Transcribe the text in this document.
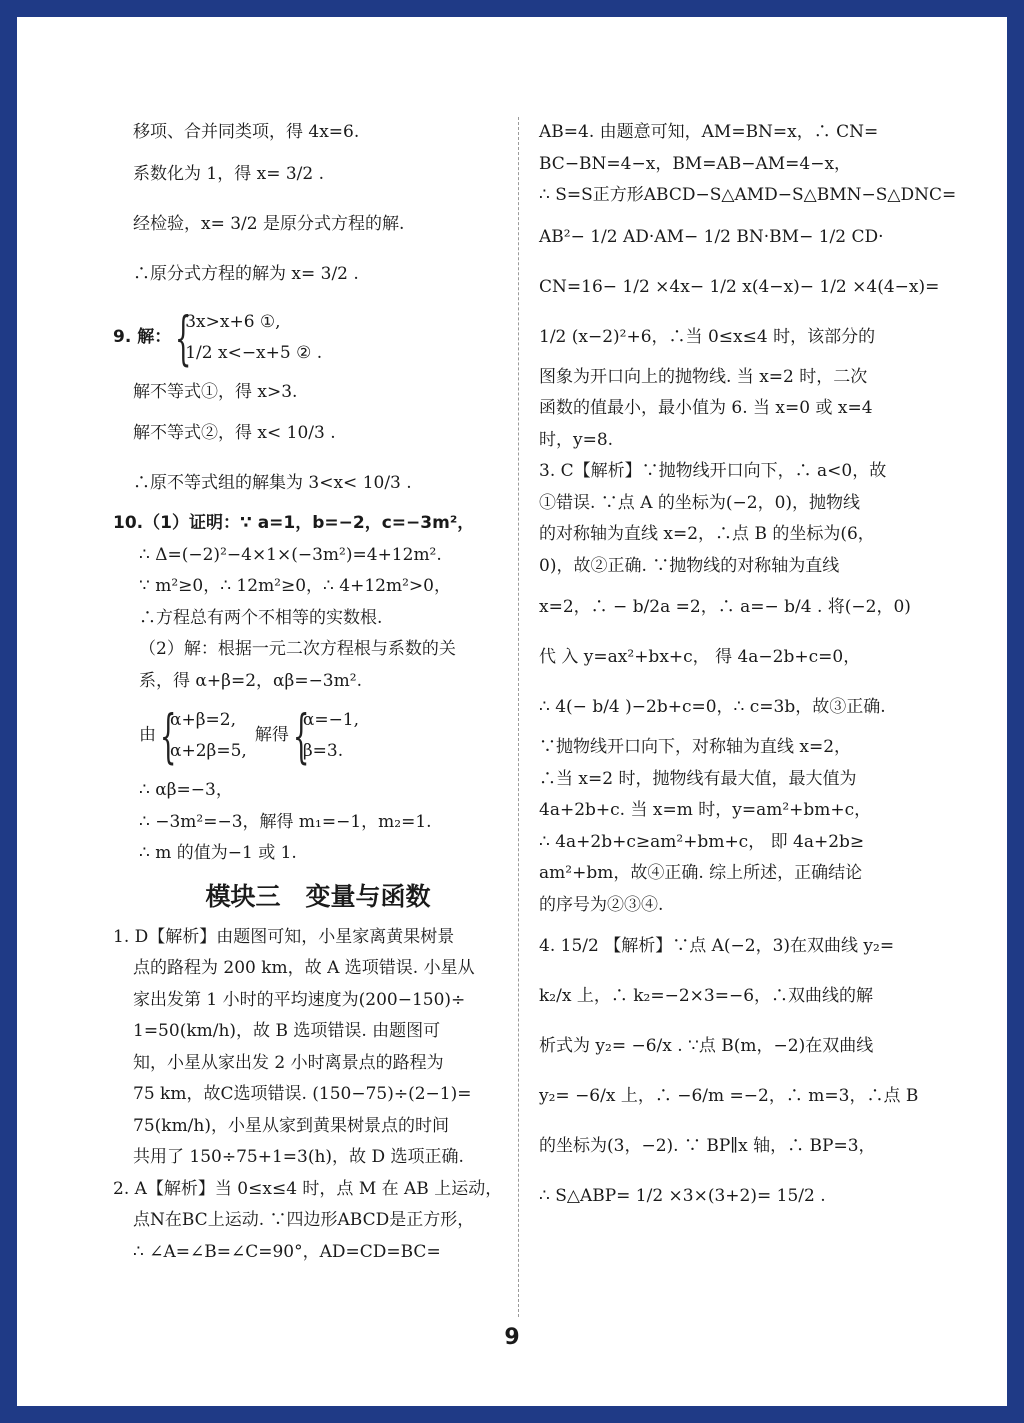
移项、合并同类项，得 4x=6.
系数化为 1，得 x= 3/2 .
经检验，x= 3/2 是原分式方程的解.
∴原分式方程的解为 x= 3/2 .
9. 解： {
3x>x+6 ①,
1/2 x<−x+5 ② .
解不等式①，得 x>3.
解不等式②，得 x< 10/3 .
∴原不等式组的解集为 3<x< 10/3 .
10.（1）证明：∵ a=1，b=−2，c=−3m²，
∴ Δ=(−2)²−4×1×(−3m²)=4+12m².
∵ m²≥0，∴ 12m²≥0，∴ 4+12m²>0，
∴方程总有两个不相等的实数根.
（2）解：根据一元二次方程根与系数的关
系，得 α+β=2，αβ=−3m².
由 {
α+β=2,
α+2β=5,
解得 {
α=−1,
β=3.
∴ αβ=−3，
∴ −3m²=−3，解得 m₁=−1，m₂=1.
∴ m 的值为−1 或 1.
模块三　变量与函数
1. D【解析】由题图可知，小星家离黄果树景
点的路程为 200 km，故 A 选项错误. 小星从
家出发第 1 小时的平均速度为(200−150)÷
1=50(km/h)，故 B 选项错误. 由题图可
知，小星从家出发 2 小时离景点的路程为
75 km，故C选项错误. (150−75)÷(2−1)=
75(km/h)，小星从家到黄果树景点的时间
共用了 150÷75+1=3(h)，故 D 选项正确.
2. A【解析】当 0≤x≤4 时，点 M 在 AB 上运动，
点N在BC上运动. ∵四边形ABCD是正方形，
∴ ∠A=∠B=∠C=90°，AD=CD=BC=
AB=4. 由题意可知，AM=BN=x，∴ CN=
BC−BN=4−x，BM=AB−AM=4−x，
∴ S=S正方形ABCD−S△AMD−S△BMN−S△DNC=
AB²− 1/2 AD·AM− 1/2 BN·BM− 1/2 CD·
CN=16− 1/2 ×4x− 1/2 x(4−x)− 1/2 ×4(4−x)=
1/2 (x−2)²+6，∴当 0≤x≤4 时，该部分的
图象为开口向上的抛物线. 当 x=2 时，二次
函数的值最小，最小值为 6. 当 x=0 或 x=4
时，y=8.
3. C【解析】∵抛物线开口向下，∴ a<0，故
①错误. ∵点 A 的坐标为(−2，0)，抛物线
的对称轴为直线 x=2，∴点 B 的坐标为(6，
0)，故②正确. ∵抛物线的对称轴为直线
x=2，∴ − b/2a =2，∴ a=− b/4 . 将(−2，0)
代 入 y=ax²+bx+c， 得 4a−2b+c=0，
∴ 4(− b/4 )−2b+c=0，∴ c=3b，故③正确.
∵抛物线开口向下，对称轴为直线 x=2，
∴当 x=2 时，抛物线有最大值，最大值为
4a+2b+c. 当 x=m 时，y=am²+bm+c，
∴ 4a+2b+c≥am²+bm+c， 即 4a+2b≥
am²+bm，故④正确. 综上所述，正确结论
的序号为②③④.
4. 15/2 【解析】∵点 A(−2，3)在双曲线 y₂=
k₂/x 上，∴ k₂=−2×3=−6，∴双曲线的解
析式为 y₂= −6/x . ∵点 B(m，−2)在双曲线
y₂= −6/x 上，∴ −6/m =−2，∴ m=3，∴点 B
的坐标为(3，−2). ∵ BP∥x 轴，∴ BP=3，
∴ S△ABP= 1/2 ×3×(3+2)= 15/2 .
9
